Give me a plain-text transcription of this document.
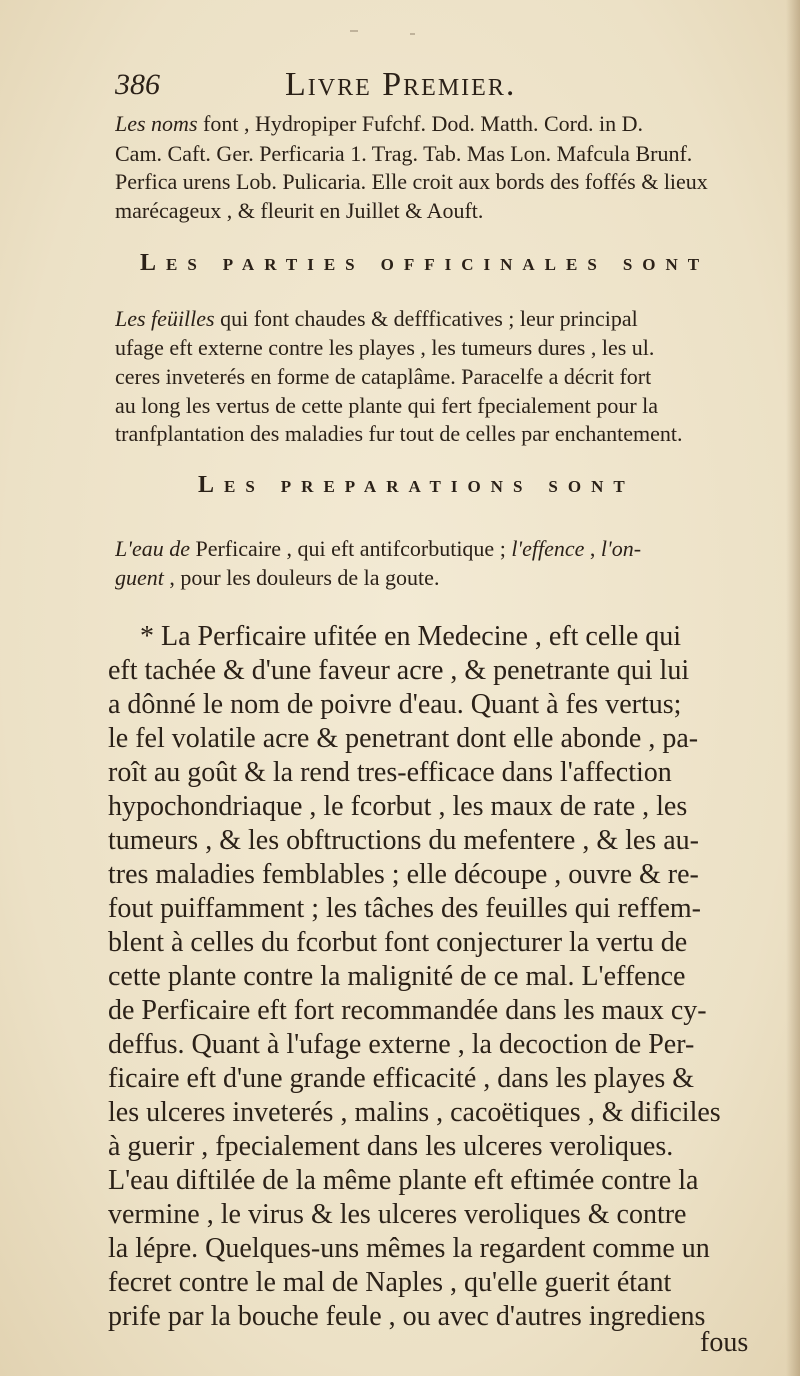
386	Livre Premier.
Les noms font , Hydropiper Fufchf. Dod. Matth. Cord. in D.
Cam. Caft. Ger. Perficaria 1. Trag. Tab. Mas Lon. Mafcula Brunf.
Perfica urens Lob. Pulicaria. Elle croit aux bords des foffés & lieux
marécageux , & fleurit en Juillet & Aouft.
Les parties officinales sont
Les feüilles qui font chaudes & deffficatives ; leur principal
ufage eft externe contre les playes , les tumeurs dures , les ul.
ceres inveterés en forme de cataplâme. Paracelfe a décrit fort
au long les vertus de cette plante qui fert fpecialement pour la
tranfplantation des maladies fur tout de celles par enchantement.
Les preparations sont
L'eau de Perficaire , qui eft antifcorbutique ; l'effence , l'on-
guent , pour les douleurs de la goute.
* La Perficaire ufitée en Medecine , eft celle qui
eft tachée & d'une faveur acre , & penetrante qui lui
a dônné le nom de poivre d'eau. Quant à fes vertus;
le fel volatile acre & penetrant dont elle abonde , pa-
roît au goût & la rend tres-efficace dans l'affection
hypochondriaque , le fcorbut , les maux de rate , les
tumeurs , & les obftructions du mefentere , & les au-
tres maladies femblables ; elle découpe , ouvre & re-
fout puiffamment ; les tâches des feuilles qui reffem-
blent à celles du fcorbut font conjecturer la vertu de
cette plante contre la malignité de ce mal. L'effence
de Perficaire eft fort recommandée dans les maux cy-
deffus. Quant à l'ufage externe , la decoction de Per-
ficaire eft d'une grande efficacité , dans les playes &
les ulceres inveterés , malins , cacoëtiques , & dificiles
à guerir , fpecialement dans les ulceres veroliques.
L'eau diftilée de la même plante eft eftimée contre la
vermine , le virus & les ulceres veroliques & contre
la lépre. Quelques-uns mêmes la regardent comme un
fecret contre le mal de Naples , qu'elle guerit étant
prife par la bouche feule , ou avec d'autres ingrediens
fous
